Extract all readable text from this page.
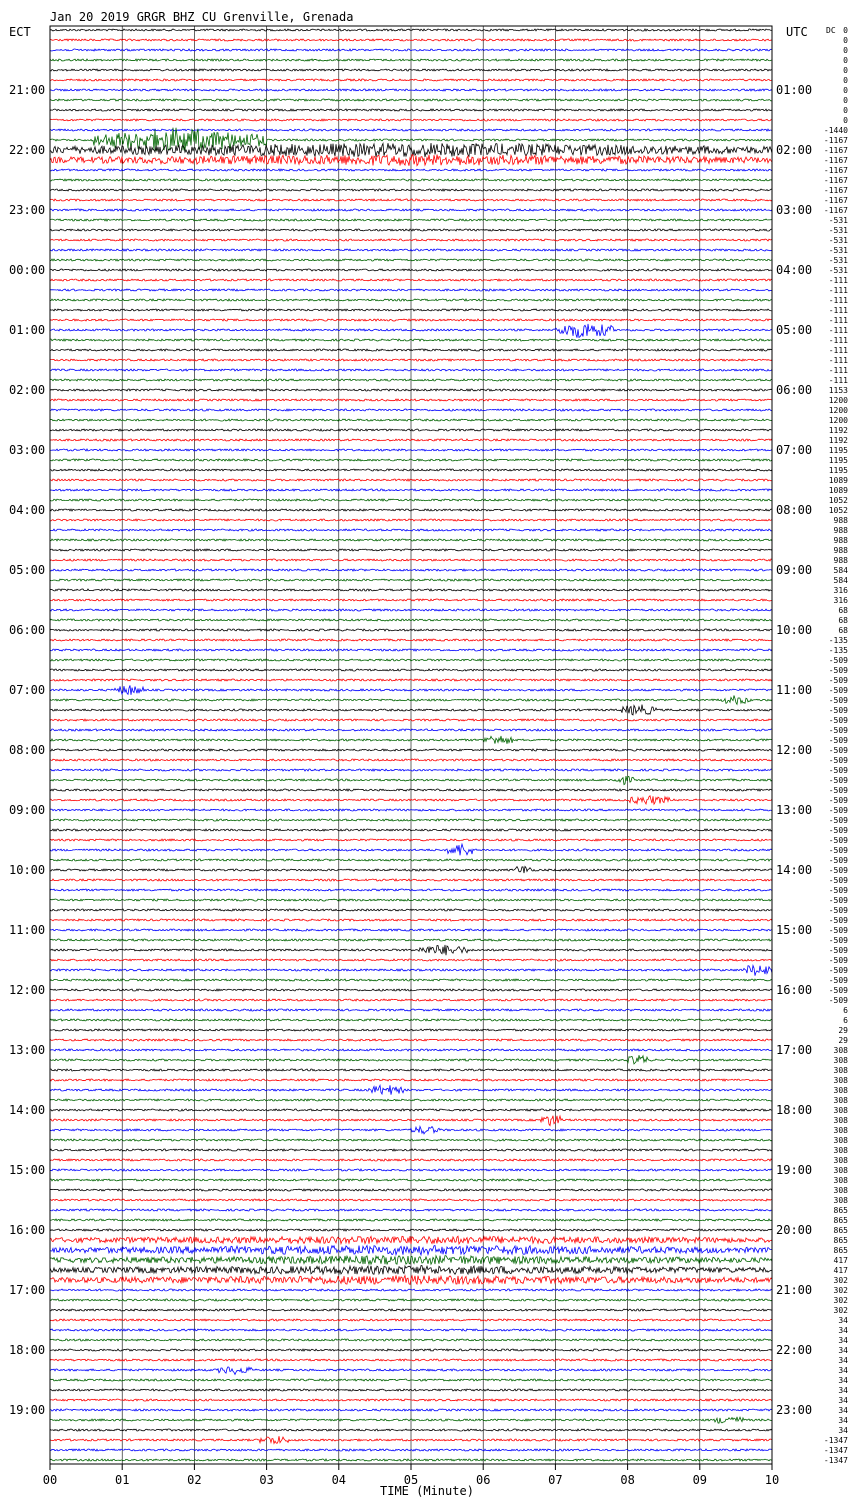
Jan 20 2019 GRGR BHZ CU Grenville, Grenada
ECT	UTC DC
21:00
22:00
23:00
00:00
01:00
02:00
03:00
04:00
05:00
06:00
07:00
08:00
09:00
10:00
11:00
12:00
13:00
14:00
15:00
16:00
17:00
18:00
19:00
01:00
02:00
03:00
04:00
05:00
06:00
07:00
08:00
09:00
10:00
11:00
12:00
13:00
14:00
15:00
16:00
17:00
18:00
19:00
20:00
21:00
22:00
23:00
0
0
0
0
0
0
0
0
0
0
-1440
-1167
-1167
-1167
-1167
-1167
-1167
-1167
-1167
-531
-531
-531
-531
-531
-531
-111
-111
-111
-111
-111
-111
-111
-111
-111
-111
-111
1153
1200
1200
1200
1192
1192
1195
1195
1195
1089
1089
1052
1052
988
988
988
988
988
584
584
316
316
68
68
68
-135
-135
-509
-509
-509
-509
-509
-509
-509
-509
-509
-509
-509
-509
-509
-509
-509
-509
-509
-509
-509
-509
-509
-509
-509
-509
-509
-509
-509
-509
-509
-509
-509
-509
-509
-509
-509
6
6
29
29
308
308
308
308
308
308
308
308
308
308
308
308
308
308
308
308
865
865
865
865
865
417
417
302
302
302
302
34
34
34
34
34
34
34
34
34
34
34
34
-1347
-1347
-1347
00	01	02	03	04	05	06	07	08	09	10
TIME (Minute)
